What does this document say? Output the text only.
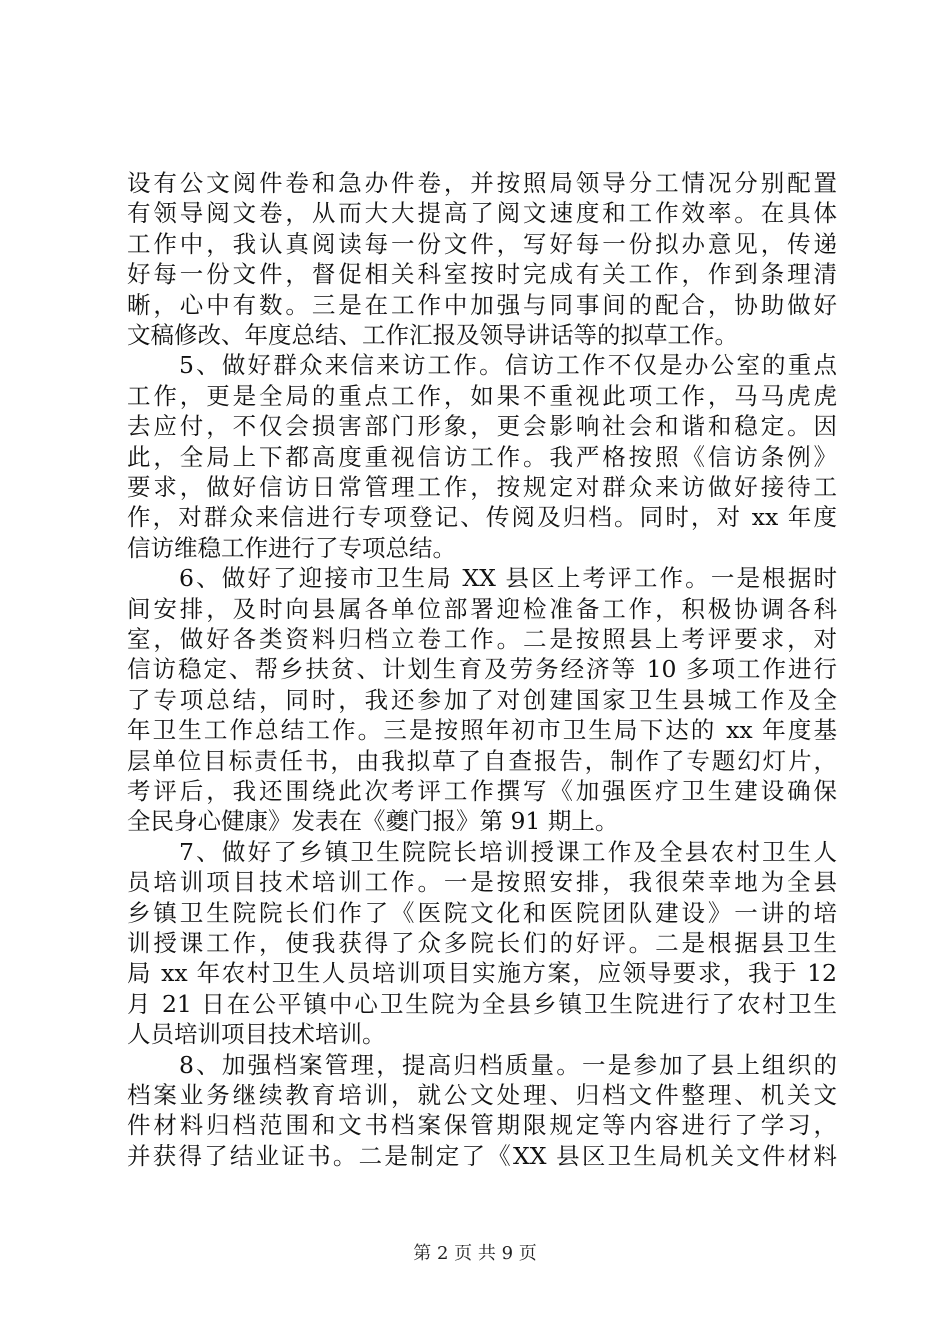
设有公文阅件卷和急办件卷，并按照局领导分工情况分别配置
有领导阅文卷，从而大大提高了阅文速度和工作效率。在具体
工作中，我认真阅读每一份文件，写好每一份拟办意见，传递
好每一份文件，督促相关科室按时完成有关工作，作到条理清
晰，心中有数。三是在工作中加强与同事间的配合，协助做好
文稿修改、年度总结、工作汇报及领导讲话等的拟草工作。
5、做好群众来信来访工作。信访工作不仅是办公室的重点
工作，更是全局的重点工作，如果不重视此项工作，马马虎虎
去应付，不仅会损害部门形象，更会影响社会和谐和稳定。因
此，全局上下都高度重视信访工作。我严格按照《信访条例》
要求，做好信访日常管理工作，按规定对群众来访做好接待工
作，对群众来信进行专项登记、传阅及归档。同时，对 xx 年度
信访维稳工作进行了专项总结。
6、做好了迎接市卫生局 XX 县区上考评工作。一是根据时
间安排，及时向县属各单位部署迎检准备工作，积极协调各科
室，做好各类资料归档立卷工作。二是按照县上考评要求，对
信访稳定、帮乡扶贫、计划生育及劳务经济等 10 多项工作进行
了专项总结，同时，我还参加了对创建国家卫生县城工作及全
年卫生工作总结工作。三是按照年初市卫生局下达的 xx 年度基
层单位目标责任书，由我拟草了自查报告，制作了专题幻灯片，
考评后，我还围绕此次考评工作撰写《加强医疗卫生建设确保
全民身心健康》发表在《夔门报》第 91 期上。
7、做好了乡镇卫生院院长培训授课工作及全县农村卫生人
员培训项目技术培训工作。一是按照安排，我很荣幸地为全县
乡镇卫生院院长们作了《医院文化和医院团队建设》一讲的培
训授课工作，使我获得了众多院长们的好评。二是根据县卫生
局 xx 年农村卫生人员培训项目实施方案，应领导要求，我于 12
月 21 日在公平镇中心卫生院为全县乡镇卫生院进行了农村卫生
人员培训项目技术培训。
8、加强档案管理，提高归档质量。一是参加了县上组织的
档案业务继续教育培训，就公文处理、归档文件整理、机关文
件材料归档范围和文书档案保管期限规定等内容进行了学习，
并获得了结业证书。二是制定了《XX 县区卫生局机关文件材料
第 2 页 共 9 页
